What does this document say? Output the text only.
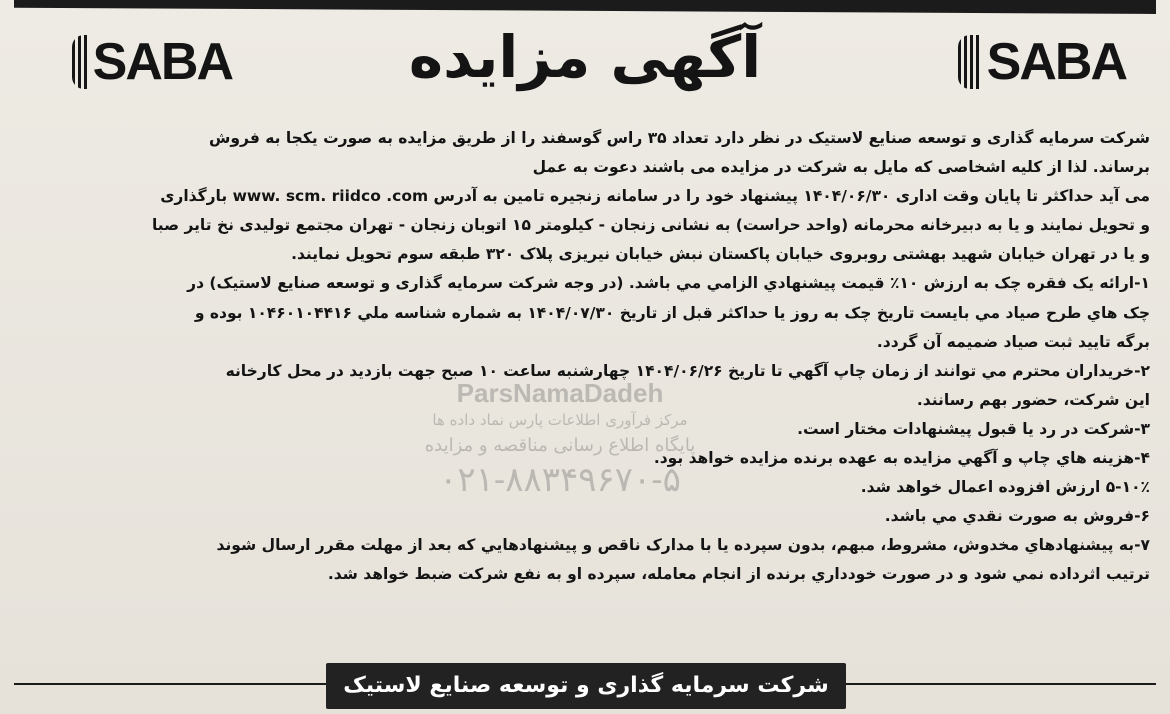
SABA	آگهی مزایده	SABA
شرکت سرمایه گذاری و توسعه صنایع لاستیک در نظر دارد تعداد ۳۵ راس گوسفند را از طریق مزایده به صورت یکجا به فروش
برساند. لذا از کلیه اشخاصی که مایل به شرکت در مزایده می باشند دعوت به عمل
می آید حداکثر تا پایان وقت اداری ۱۴۰۴/۰۶/۳۰ پیشنهاد خود را در سامانه زنجیره تامین به آدرس www. scm. riidco .com بارگذاری
و تحویل نمایند و یا به دبیرخانه محرمانه (واحد حراست) به نشانی زنجان - کیلومتر ۱۵ اتوبان زنجان - تهران مجتمع تولیدی نخ تایر صبا
و یا در تهران خیابان شهید بهشتی روبروی خیابان پاکستان نبش خیابان نیریزی پلاک ۳۲۰ طبقه سوم تحویل نمایند.
۱-ارائه یک فقره چک به ارزش ۱۰٪ قیمت پیشنهادي الزامي مي باشد. (در وجه شرکت سرمایه گذاری و توسعه صنایع لاستیک) در
چک هاي طرح صیاد مي بایست تاریخ چک به روز یا حداکثر قبل از تاریخ ۱۴۰۴/۰۷/۳۰ به شماره شناسه ملي ۱۰۴۶۰۱۰۴۴۱۶ بوده و
برگه تایید ثبت صیاد ضمیمه آن گردد.
۲-خریداران محترم مي توانند از زمان چاپ آگهي تا تاریخ ۱۴۰۴/۰۶/۲۶ چهارشنبه ساعت ۱۰ صبح جهت بازدید در محل کارخانه
این شرکت، حضور بهم رسانند.
۳-شرکت در رد یا قبول پیشنهادات مختار است.
۴-هزینه هاي چاپ و آگهي مزایده به عهده برنده مزایده خواهد بود.
۵-۱۰٪ ارزش افزوده اعمال خواهد شد.
۶-فروش به صورت نقدي مي باشد.
۷-به پیشنهادهاي مخدوش، مشروط، مبهم، بدون سپرده یا با مدارک ناقص و پیشنهادهایي که بعد از مهلت مقرر ارسال شوند
ترتیب اثرداده نمي شود و در صورت خودداري برنده از انجام معامله، سپرده او به نفع شرکت ضبط خواهد شد.
ParsNamaDadeh
مرکز فرآوری اطلاعات پارس نماد داده ها
پایگاه اطلاع رسانی مناقصه و مزایده
۰۲۱-۸۸۳۴۹۶۷۰-۵
شرکت سرمایه گذاری و توسعه صنایع لاستیک
